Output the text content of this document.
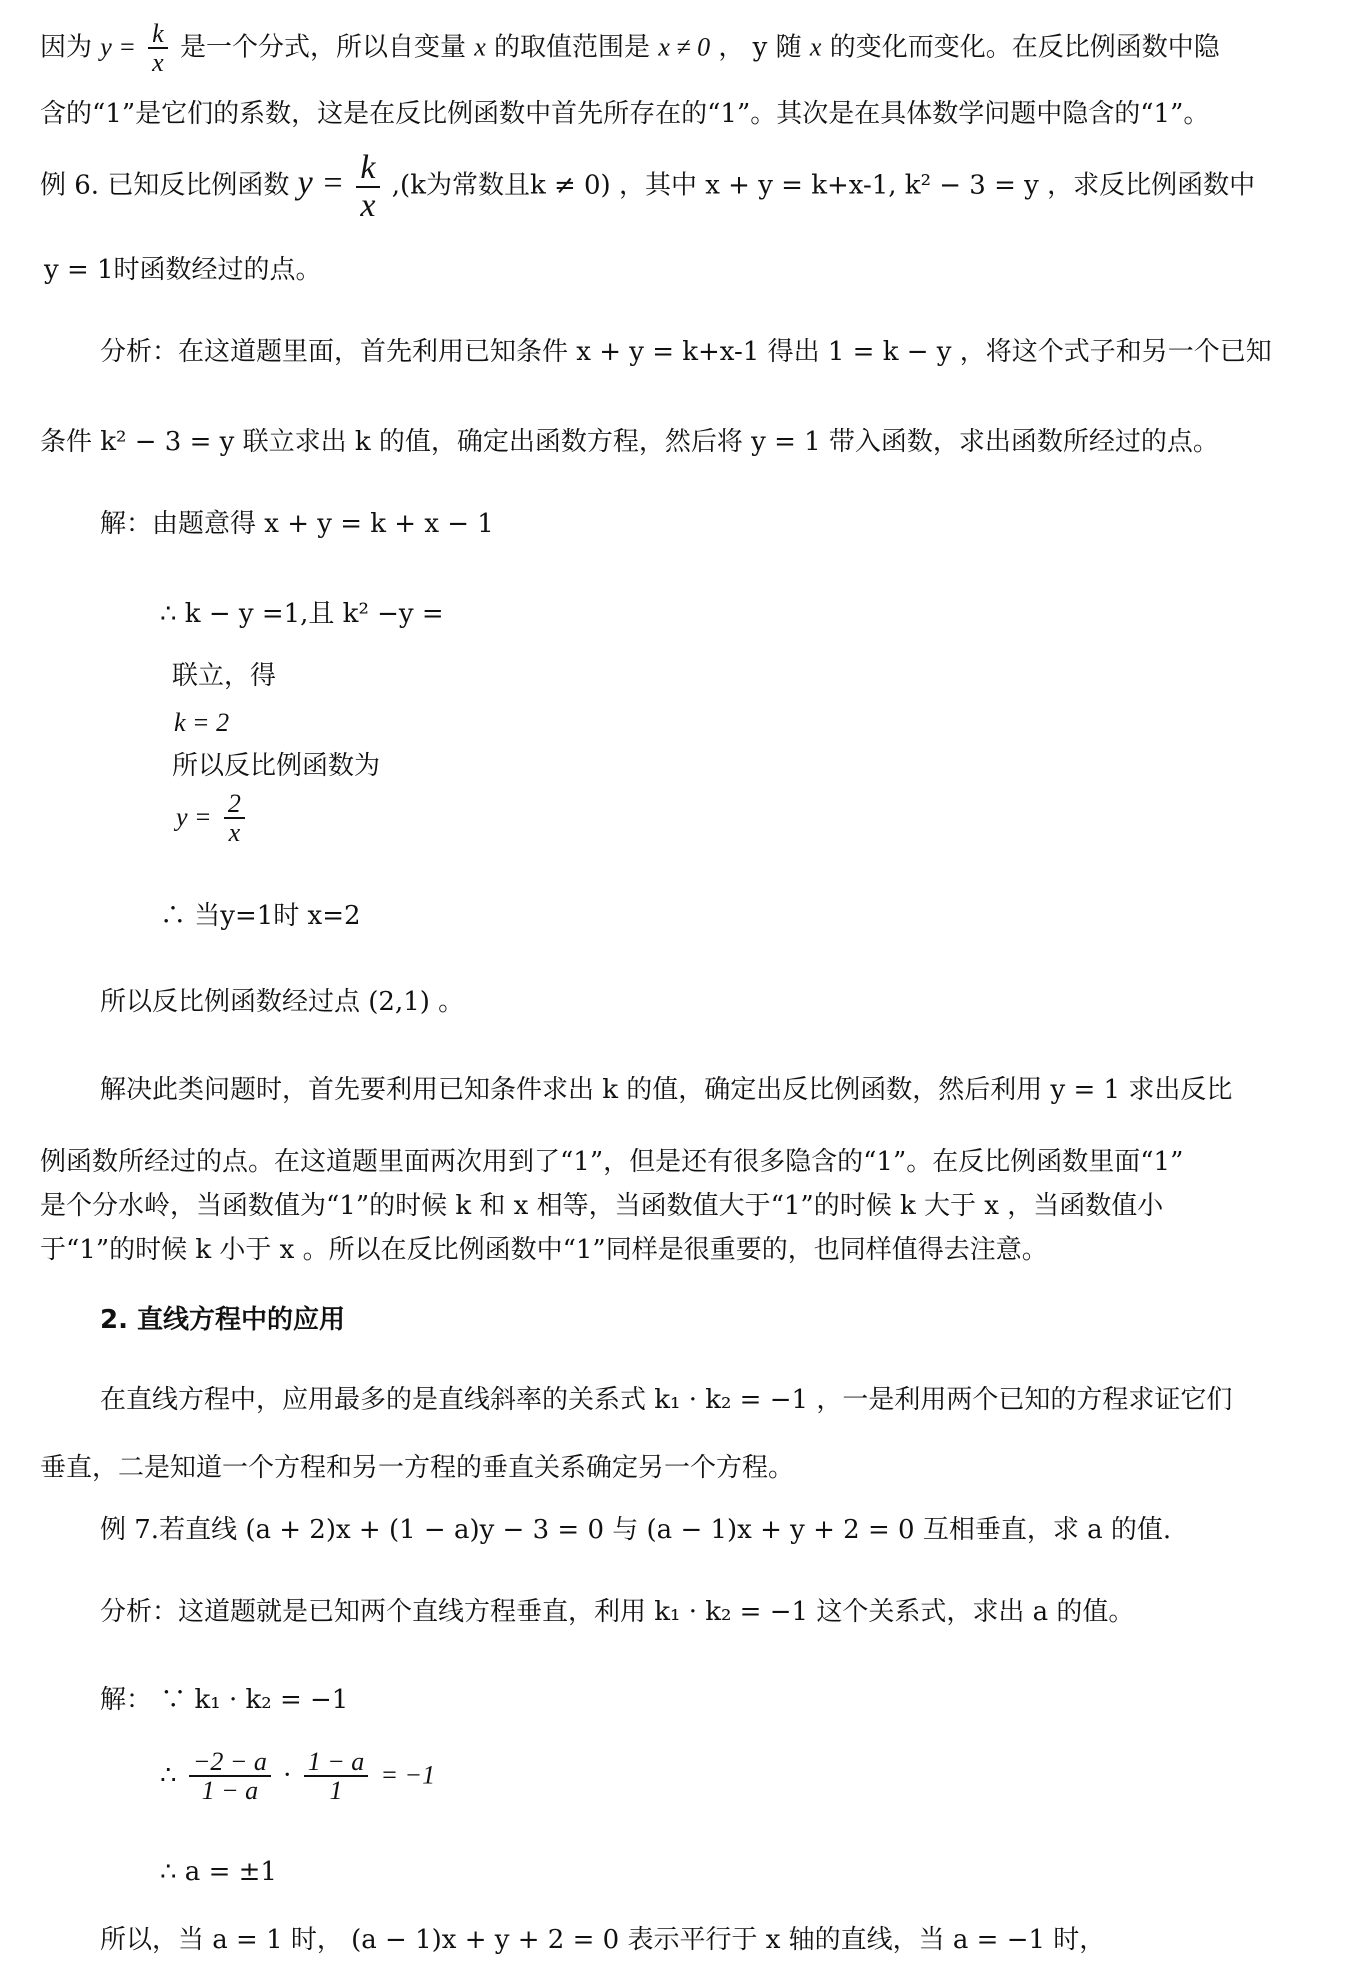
因为 $y = \frac{k}{x}$ 是一个分式，所以自变量 x 的取值范围是 x ≠ 0 ， y 随 x 的变化而变化。在反比例函数中隐
含的“1”是它们的系数，这是在反比例函数中首先所存在的“1”。其次是在具体数学问题中隐含的“1”。
例 6. 已知反比例函数 $y = \frac{k}{x} ,(k$为常数且k ≠ 0) ，其中 x + y = k+x-1, k² − 3 = y ，求反比例函数中
y = 1时函数经过的点。
分析：在这道题里面，首先利用已知条件 x + y = k+x-1 得出 1 = k − y ，将这个式子和另一个已知
条件 k² − 3 = y 联立求出 k 的值，确定出函数方程，然后将 y = 1 带入函数，求出函数所经过的点。
解：由题意得 x + y = k + x − 1
∴ k − y =1,且 k² −y =
联立，得
k = 2
所以反比例函数为
$y = \frac{2}{x}$
∴ 当y=1时 x=2
所以反比例函数经过点 (2,1) 。
解决此类问题时，首先要利用已知条件求出 k 的值，确定出反比例函数，然后利用 y = 1 求出反比
例函数所经过的点。在这道题里面两次用到了“1”，但是还有很多隐含的“1”。在反比例函数里面“1”
是个分水岭，当函数值为“1”的时候 k 和 x 相等，当函数值大于“1”的时候 k 大于 x ，当函数值小
于“1”的时候 k 小于 x 。所以在反比例函数中“1”同样是很重要的，也同样值得去注意。
2. 直线方程中的应用
在直线方程中，应用最多的是直线斜率的关系式 k₁ · k₂ = −1 ，一是利用两个已知的方程求证它们
垂直，二是知道一个方程和另一方程的垂直关系确定另一个方程。
例 7.若直线 (a + 2)x + (1 − a)y − 3 = 0 与 (a − 1)x + y + 2 = 0 互相垂直，求 a 的值.
分析：这道题就是已知两个直线方程垂直，利用 k₁ · k₂ = −1 这个关系式，求出 a 的值。
解： ∵ k₁ · k₂ = −1
∴ $\frac{-2 - a}{1 - a} \cdot \frac{1 - a}{1} = -1$
∴ a = ±1
所以，当 a = 1 时， (a − 1)x + y + 2 = 0 表示平行于 x 轴的直线，当 a = −1 时，
